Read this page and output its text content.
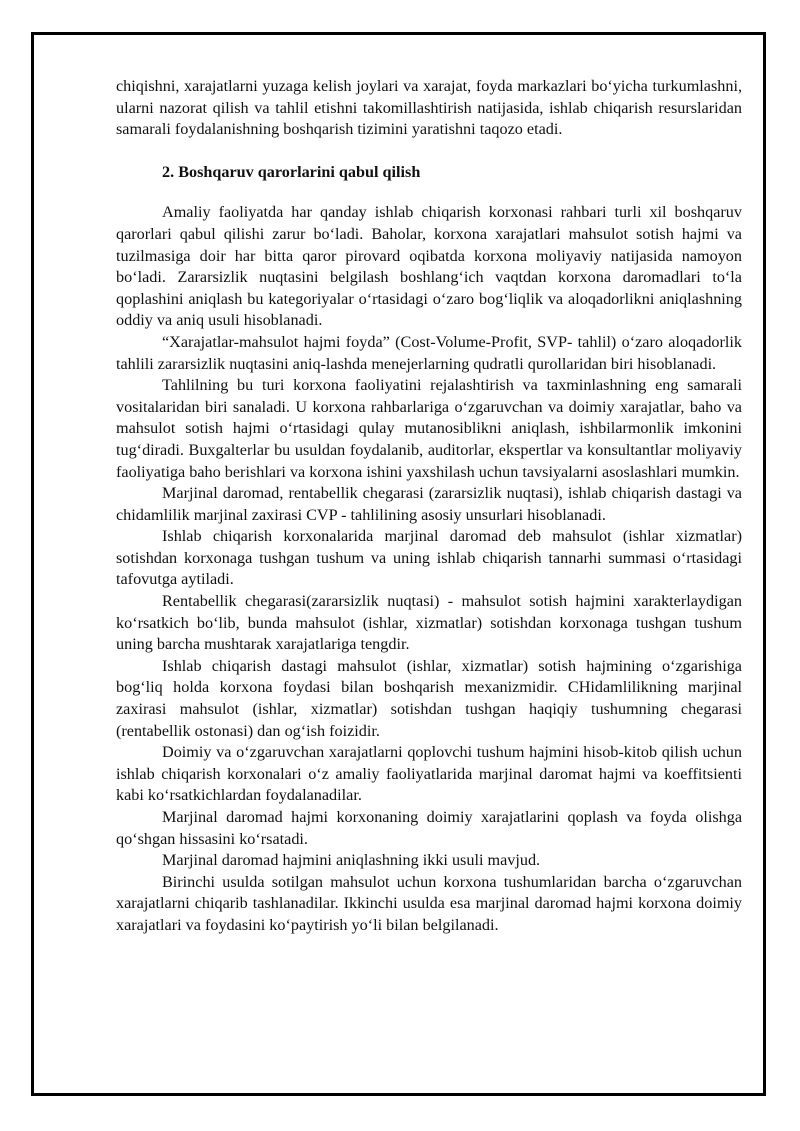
chiqishni, xarajatlarni yuzaga kelish joylari va xarajat, foyda markazlari bo‘yicha turkumlashni, ularni nazorat qilish va tahlil etishni takomillashtirish natijasida, ishlab chiqarish resurslaridan samarali foydalanishning boshqarish tizimini yaratishni taqozo etadi.

2. Boshqaruv qarorlarini qabul qilish

Amaliy faoliyatda har qanday ishlab chiqarish korxonasi rahbari turli xil boshqaruv qarorlari qabul qilishi zarur bo‘ladi. Baholar, korxona xarajatlari mahsulot sotish hajmi va tuzilmasiga doir har bitta qaror pirovard oqibatda korxona moliyaviy natijasida namoyon bo‘ladi. Zararsizlik nuqtasini belgilash boshlang‘ich vaqtdan korxona daromadlari to‘la qoplashini aniqlash bu kategoriyalar o‘rtasidagi o‘zaro bog‘liqlik va aloqadorlikni aniqlashning oddiy va aniq usuli hisoblanadi.

“Xarajatlar-mahsulot hajmi foyda” (Cost-Volume-Profit, SVP- tahlil) o‘zaro aloqadorlik tahlili zararsizlik nuqtasini aniq-lashda menejerlarning qudratli qurollaridan biri hisoblanadi.

Tahlilning bu turi korxona faoliyatini rejalashtirish va taxminlashning eng samarali vositalaridan biri sanaladi. U korxona rahbarlariga o‘zgaruvchan va doimiy xarajatlar, baho va mahsulot sotish hajmi o‘rtasidagi qulay mutanosiblikni aniqlash, ishbilarmonlik imkonini tug‘diradi. Buxgalterlar bu usuldan foydalanib, auditorlar, ekspertlar va konsultantlar moliyaviy faoliyatiga baho berishlari va korxona ishini yaxshilash uchun tavsiyalarni asoslashlari mumkin.

Marjinal daromad, rentabellik chegarasi (zararsizlik nuqtasi), ishlab chiqarish dastagi va chidamlilik marjinal zaxirasi CVP - tahlilining asosiy unsurlari hisoblanadi.

Ishlab chiqarish korxonalarida marjinal daromad deb mahsulot (ishlar xizmatlar) sotishdan korxonaga tushgan tushum va uning ishlab chiqarish tannarhi summasi o‘rtasidagi tafovutga aytiladi.

Rentabellik chegarasi(zararsizlik nuqtasi) - mahsulot sotish hajmini xarakterlaydigan ko‘rsatkich bo‘lib, bunda mahsulot (ishlar, xizmatlar) sotishdan korxonaga tushgan tushum uning barcha mushtarak xarajatlariga tengdir.

Ishlab chiqarish dastagi mahsulot (ishlar, xizmatlar) sotish hajmining o‘zgarishiga bog‘liq holda korxona foydasi bilan boshqarish mexanizmidir. CHidamlilikning marjinal zaxirasi mahsulot (ishlar, xizmatlar) sotishdan tushgan haqiqiy tushumning chegarasi (rentabellik ostonasi) dan og‘ish foizidir.

Doimiy va o‘zgaruvchan xarajatlarni qoplovchi tushum hajmini hisob-kitob qilish uchun ishlab chiqarish korxonalari o‘z amaliy faoliyatlarida marjinal daromat hajmi va koeffitsienti kabi ko‘rsatkichlardan foydalanadilar.

Marjinal daromad hajmi korxonaning doimiy xarajatlarini qoplash va foyda olishga qo‘shgan hissasini ko‘rsatadi.

Marjinal daromad hajmini aniqlashning ikki usuli mavjud.

Birinchi usulda sotilgan mahsulot uchun korxona tushumlaridan barcha o‘zgaruvchan xarajatlarni chiqarib tashlanadilar. Ikkinchi usulda esa marjinal daromad hajmi korxona doimiy xarajatlari va foydasini ko‘paytirish yo‘li bilan belgilanadi.
